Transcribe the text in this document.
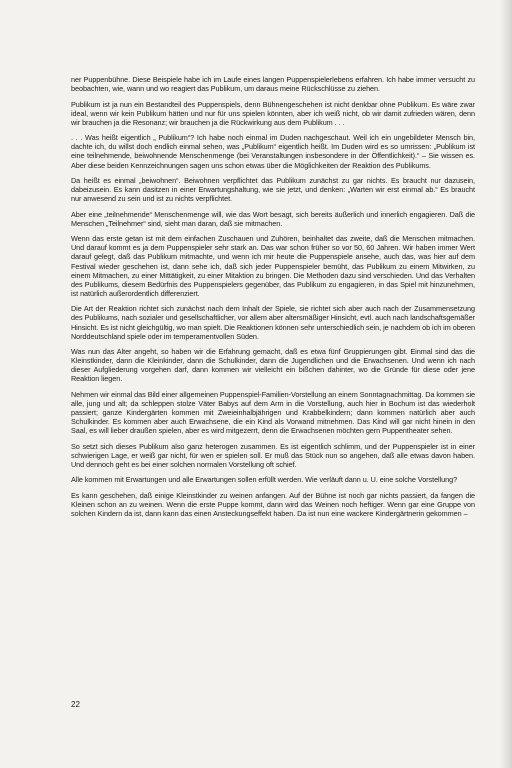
ner Puppenbühne. Diese Beispiele habe ich im Laufe eines langen Puppenspielerlebens erfahren. Ich habe immer versucht zu beobachten, wie, wann und wo reagiert das Publikum, um daraus meine Rückschlüsse zu ziehen.

Publikum ist ja nun ein Bestandteil des Puppenspiels, denn Bühnengeschehen ist nicht denkbar ohne Publikum. Es wäre zwar ideal, wenn wir kein Publikum hätten und nur für uns spielen könnten, aber ich weiß nicht, ob wir damit zufrieden wären, denn wir brauchen ja die Resonanz; wir brauchen ja die Rückwirkung aus dem Publikum . . .

. . . Was heißt eigentlich „ Publikum“? Ich habe noch einmal im Duden nachgeschaut. Weil ich ein ungebildeter Mensch bin, dachte ich, du willst doch endlich einmal sehen, was „Publikum“ eigentlich heißt. Im Duden wird es so umrissen: „Publikum ist eine teilnehmende, beiwohnende Menschenmenge (bei Veranstaltungen insbesondere in der Öffentlichkeit).“ – Sie wissen es. Aber diese beiden Kennzeichnungen sagen uns schon etwas über die Möglichkeiten der Reaktion des Publikums.

Da heißt es einmal „beiwohnen“. Beiwohnen verpflichtet das Publikum zunächst zu gar nichts. Es braucht nur dazusein, dabeizusein. Es kann dasitzen in einer Erwartungshaltung, wie sie jetzt, und denken: „Warten wir erst einmal ab.“ Es braucht nur anwesend zu sein und ist zu nichts verpflichtet.

Aber eine „teilnehmende“ Menschenmenge will, wie das Wort besagt, sich bereits äußerlich und innerlich engagieren. Daß die Menschen „Teilnehmer“ sind, sieht man daran, daß sie mitmachen.

Wenn das erste getan ist mit dem einfachen Zuschauen und Zuhören, beinhaltet das zweite, daß die Menschen mitmachen. Und darauf kommt es ja dem Puppenspieler sehr stark an. Das war schon früher so vor 50, 60 Jahren. Wir haben immer Wert darauf gelegt, daß das Publikum mitmachte, und wenn ich mir heute die Puppenspiele ansehe, auch das, was hier auf dem Festival wieder geschehen ist, dann sehe ich, daß sich jeder Puppenspieler bemüht, das Publikum zu einem Mitwirken, zu einem Mitmachen, zu einer Mittätigkeit, zu einer Mitaktion zu bringen. Die Methoden dazu sind verschieden. Und das Verhalten des Publikums, diesem Bedürfnis des Puppenspielers gegenüber, das Publikum zu engagieren, in das Spiel mit hinzunehmen, ist natürlich außerordentlich differenziert.

Die Art der Reaktion richtet sich zunächst nach dem Inhalt der Spiele, sie richtet sich aber auch nach der Zusammensetzung des Publikums, nach sozialer und gesellschaftlicher, vor allem aber altersmäßiger Hinsicht, evtl. auch nach landschaftsgemäßer Hinsicht. Es ist nicht gleichgültig, wo man spielt. Die Reaktionen können sehr unterschiedlich sein, je nachdem ob ich im oberen Norddeutschland spiele oder im temperamentvollen Süden.

Was nun das Alter angeht, so haben wir die Erfahrung gemacht, daß es etwa fünf Gruppierungen gibt. Einmal sind das die Kleinstkinder, dann die Kleinkinder, dann die Schulkinder, dann die Jugendlichen und die Erwachsenen. Und wenn ich nach dieser Aufgliederung vorgehen darf, dann kommen wir vielleicht ein bißchen dahinter, wo die Gründe für diese oder jene Reaktion liegen.

Nehmen wir einmal das Bild einer allgemeinen Puppenspiel-Familien-Vorstellung an einem Sonntagnachmittag. Da kommen sie alle, jung und alt; da schleppen stolze Väter Babys auf dem Arm in die Vorstellung, auch hier in Bochum ist das wiederholt passiert; ganze Kindergärten kommen mit Zweieinhalbjährigen und Krabbelkindern; dann kommen natürlich aber auch Schulkinder. Es kommen aber auch Erwachsene, die ein Kind als Vorwand mitnehmen. Das Kind will gar nicht hinein in den Saal, es will lieber draußen spielen, aber es wird mitgezerrt, denn die Erwachsenen möchten gern Puppentheater sehen.

So setzt sich dieses Publikum also ganz heterogen zusammen. Es ist eigentlich schlimm, und der Puppenspieler ist in einer schwierigen Lage, er weiß gar nicht, für wen er spielen soll. Er muß das Stück nun so angehen, daß alle etwas davon haben. Und dennoch geht es bei einer solchen normalen Vorstellung oft schief.

Alle kommen mit Erwartungen und alle Erwartungen sollen erfüllt werden. Wie verläuft dann u. U. eine solche Vorstellung?

Es kann geschehen, daß einige Kleinstkinder zu weinen anfangen. Auf der Bühne ist noch gar nichts passiert, da fangen die Kleinen schon an zu weinen. Wenn die erste Puppe kommt, dann wird das Weinen noch heftiger. Wenn gar eine Gruppe von solchen Kindern da ist, dann kann das einen Ansteckungseffekt haben. Da ist nun eine wackere Kindergärtnerin gekommen –

22
